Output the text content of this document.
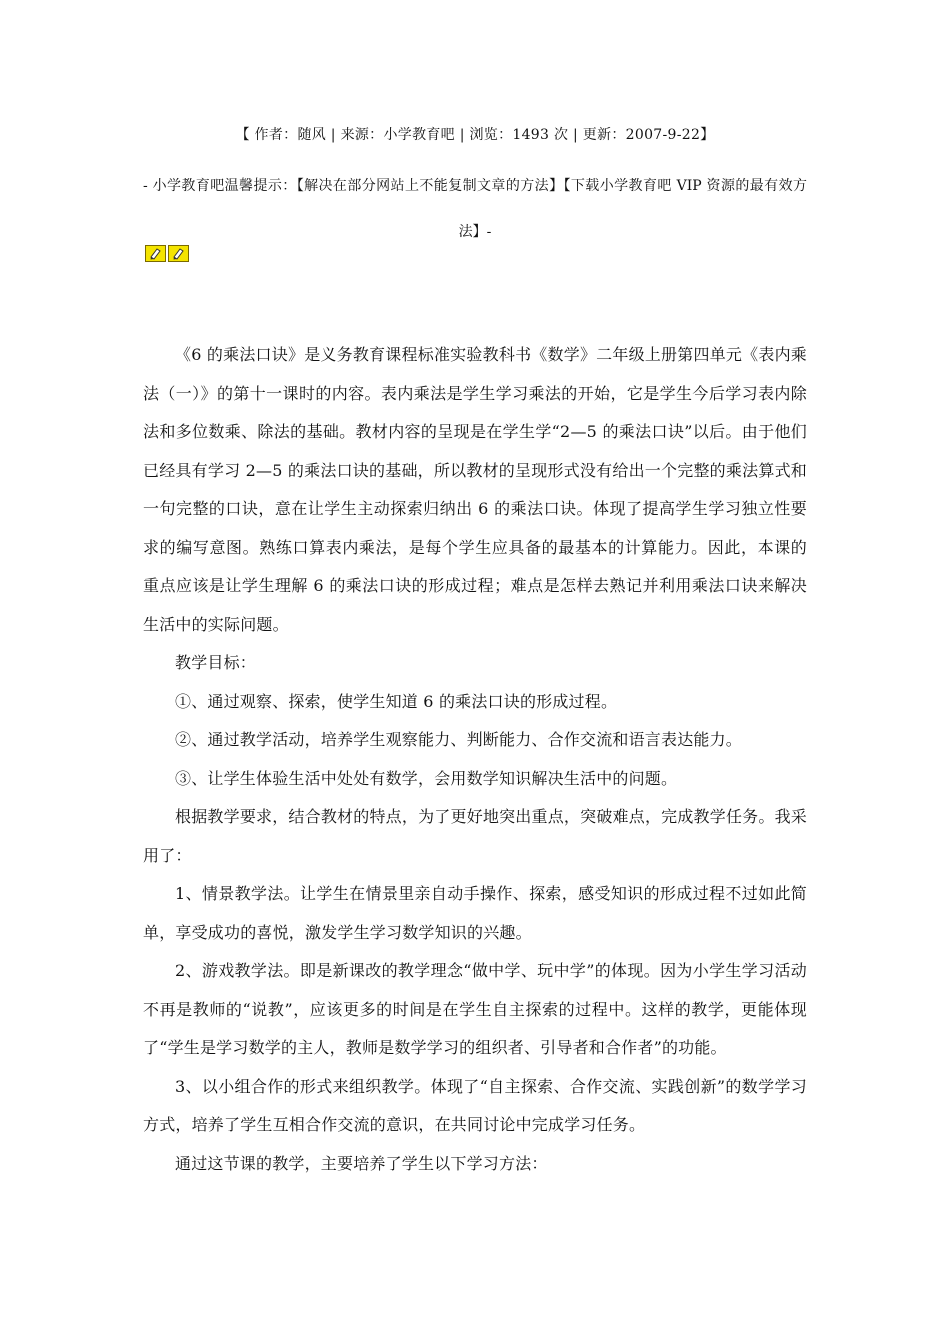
【 作者：随风 | 来源：小学教育吧 | 浏览：1493 次 | 更新：2007-9-22】
- 小学教育吧温馨提示：【解决在部分网站上不能复制文章的方法】【下载小学教育吧 VIP 资源的最有效方法】-

《6 的乘法口诀》是义务教育课程标准实验教科书《数学》二年级上册第四单元《表内乘法（一）》的第十一课时的内容。表内乘法是学生学习乘法的开始，它是学生今后学习表内除法和多位数乘、除法的基础。教材内容的呈现是在学生学“2—5 的乘法口诀”以后。由于他们已经具有学习 2—5 的乘法口诀的基础，所以教材的呈现形式没有给出一个完整的乘法算式和一句完整的口诀，意在让学生主动探索归纳出 6 的乘法口诀。体现了提高学生学习独立性要求的编写意图。熟练口算表内乘法，是每个学生应具备的最基本的计算能力。因此，本课的重点应该是让学生理解 6 的乘法口诀的形成过程；难点是怎样去熟记并利用乘法口诀来解决生活中的实际问题。

教学目标：

①、通过观察、探索，使学生知道 6 的乘法口诀的形成过程。

②、通过教学活动，培养学生观察能力、判断能力、合作交流和语言表达能力。

③、让学生体验生活中处处有数学，会用数学知识解决生活中的问题。

根据教学要求，结合教材的特点，为了更好地突出重点，突破难点，完成教学任务。我采用了：

1、情景教学法。让学生在情景里亲自动手操作、探索，感受知识的形成过程不过如此简单，享受成功的喜悦，激发学生学习数学知识的兴趣。

2、游戏教学法。即是新课改的教学理念“做中学、玩中学”的体现。因为小学生学习活动不再是教师的“说教”，应该更多的时间是在学生自主探索的过程中。这样的教学，更能体现了“学生是学习数学的主人，教师是数学学习的组织者、引导者和合作者”的功能。

3、以小组合作的形式来组织教学。体现了“自主探索、合作交流、实践创新”的数学学习方式，培养了学生互相合作交流的意识，在共同讨论中完成学习任务。

通过这节课的教学，主要培养了学生以下学习方法：
